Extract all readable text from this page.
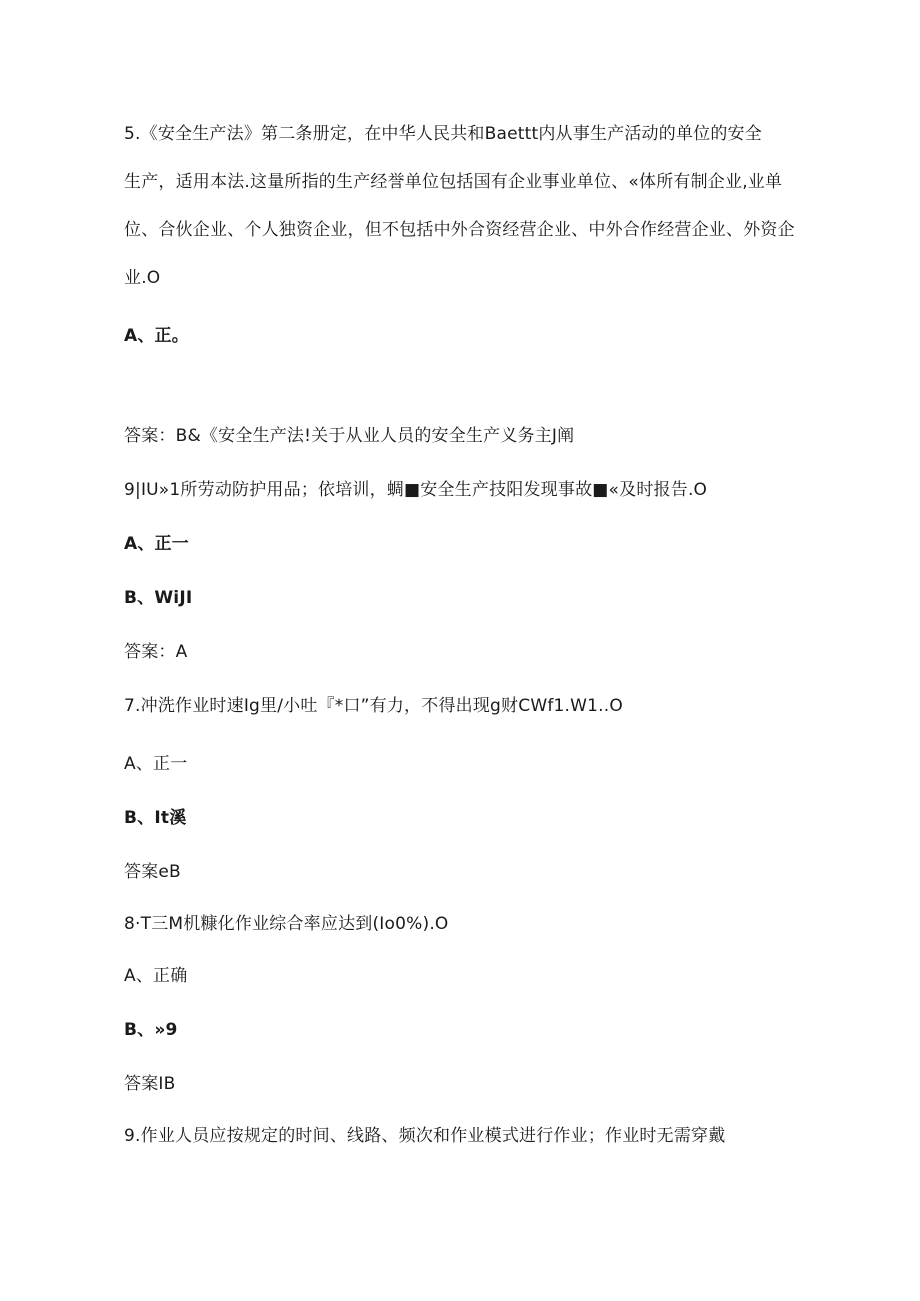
5.《安全生产法》第二条册定，在中华人民共和Baettt内从事生产活动的单位的安全
生产，适用本法.这量所指的生产经誉单位包括国有企业事业单位、«体所有制企业,业单
位、合伙企业、个人独资企业，但不包括中外合资经营企业、中外合作经营企业、外资企
业.O
A、正。
答案：B&《安全生产法!关于从业人员的安全生产义务主J阐
9|IU»1所劳动防护用品；依培训，蜩■安全生产技阳发现事故■«及时报告.O
A、正一
B、WiJI
答案：A
7.冲洗作业时速Ig里/小吐『*口”有力，不得出现g财CWf1.W1..O
A、正一
B、It溪
答案eB
8·T三M机糠化作业综合率应达到(Io0%).O
A、正确
B、»9
答案IB
9.作业人员应按规定的时间、线路、频次和作业模式进行作业；作业时无需穿戴
